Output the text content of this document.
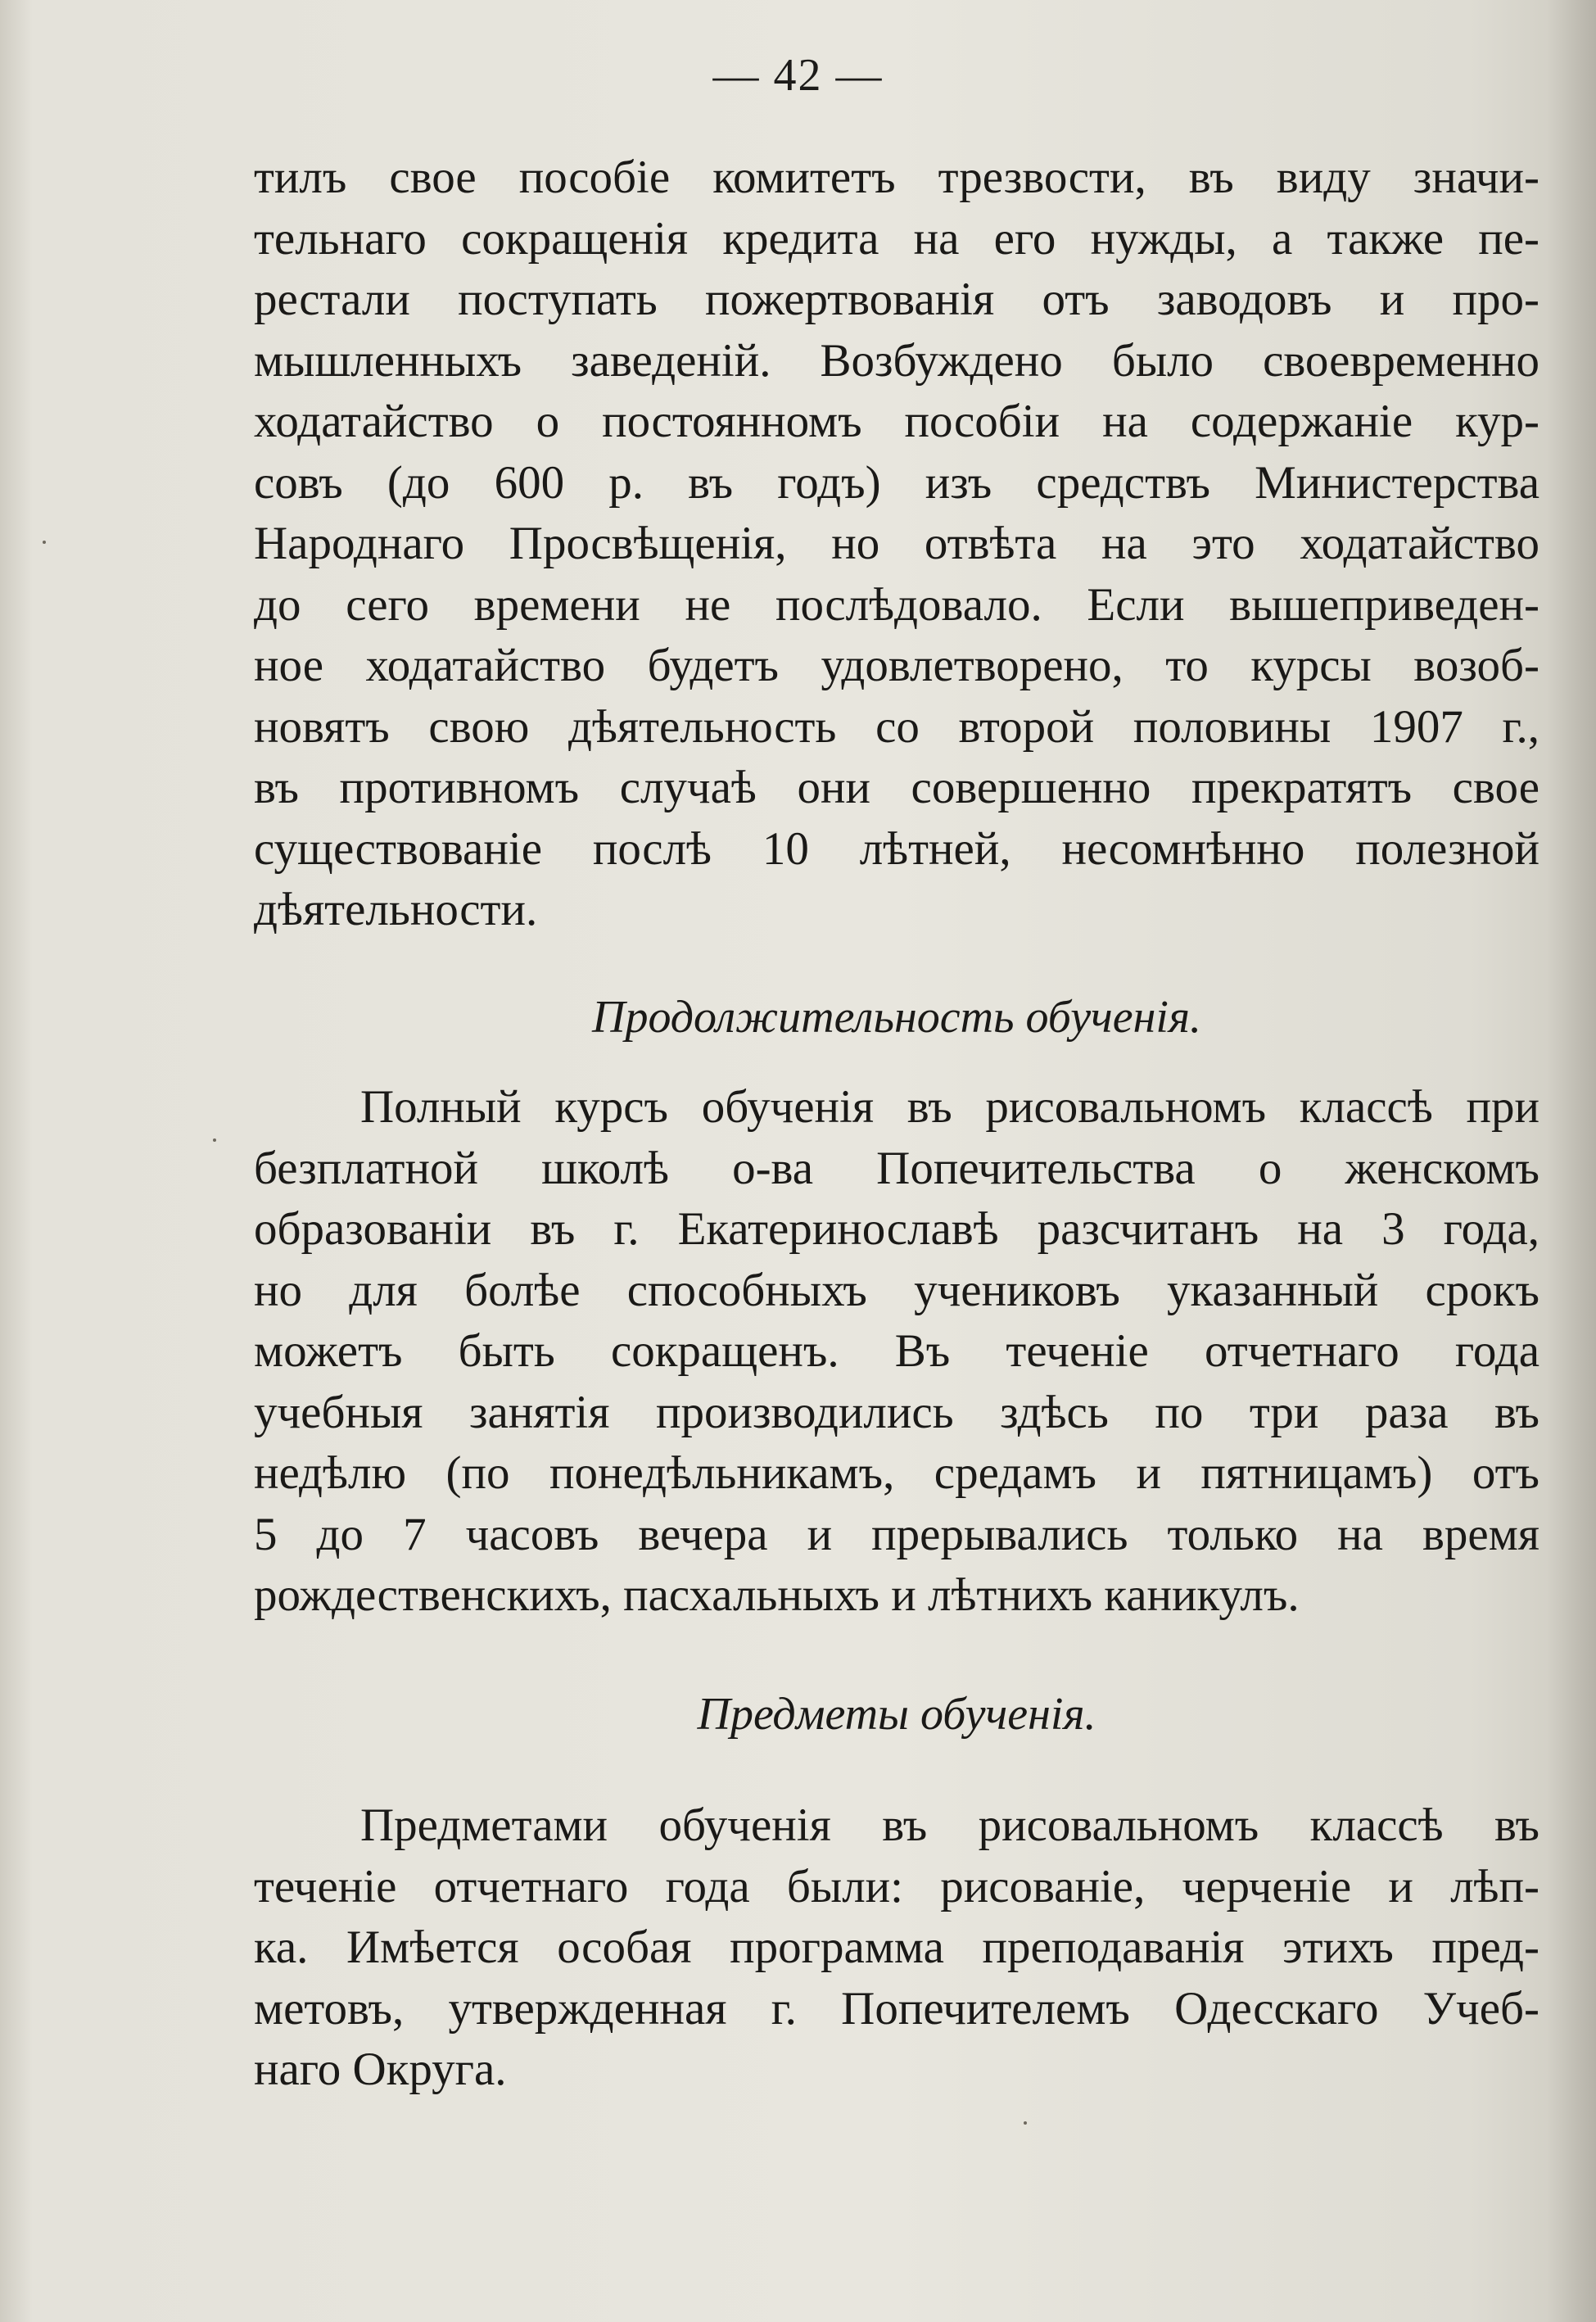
— 42 —

тилъ свое пособіе комитетъ трезвости, въ виду значи-
тельнаго сокращенія кредита на его нужды, а также пе-
рестали поступать пожертвованія отъ заводовъ и про-
мышленныхъ заведеній. Возбуждено было своевременно
ходатайство о постоянномъ пособіи на содержаніе кур-
совъ (до 600 р. въ годъ) изъ средствъ Министерства
Народнаго Просвѣщенія, но отвѣта на это ходатайство
до сего времени не послѣдовало. Если вышеприведен-
ное ходатайство будетъ удовлетворено, то курсы возоб-
новятъ свою дѣятельность со второй половины 1907 г.,
въ противномъ случаѣ они совершенно прекратятъ свое
существованіе послѣ 10 лѣтней, несомнѣнно полезной
дѣятельности.

Продолжительность обученія.

Полный курсъ обученія въ рисовальномъ классѣ при
безплатной школѣ о-ва Попечительства о женскомъ
образованіи въ г. Екатеринославѣ разсчитанъ на 3 года,
но для болѣе способныхъ учениковъ указанный срокъ
можетъ быть сокращенъ. Въ теченіе отчетнаго года
учебныя занятія производились здѣсь по три раза въ
недѣлю (по понедѣльникамъ, средамъ и пятницамъ) отъ
5 до 7 часовъ вечера и прерывались только на время
рождественскихъ, пасхальныхъ и лѣтнихъ каникулъ.

Предметы обученія.

Предметами обученія въ рисовальномъ классѣ въ
теченіе отчетнаго года были: рисованіе, черченіе и лѣп-
ка. Имѣется особая программа преподаванія этихъ пред-
метовъ, утвержденная г. Попечителемъ Одесскаго Учеб-
наго Округа.
